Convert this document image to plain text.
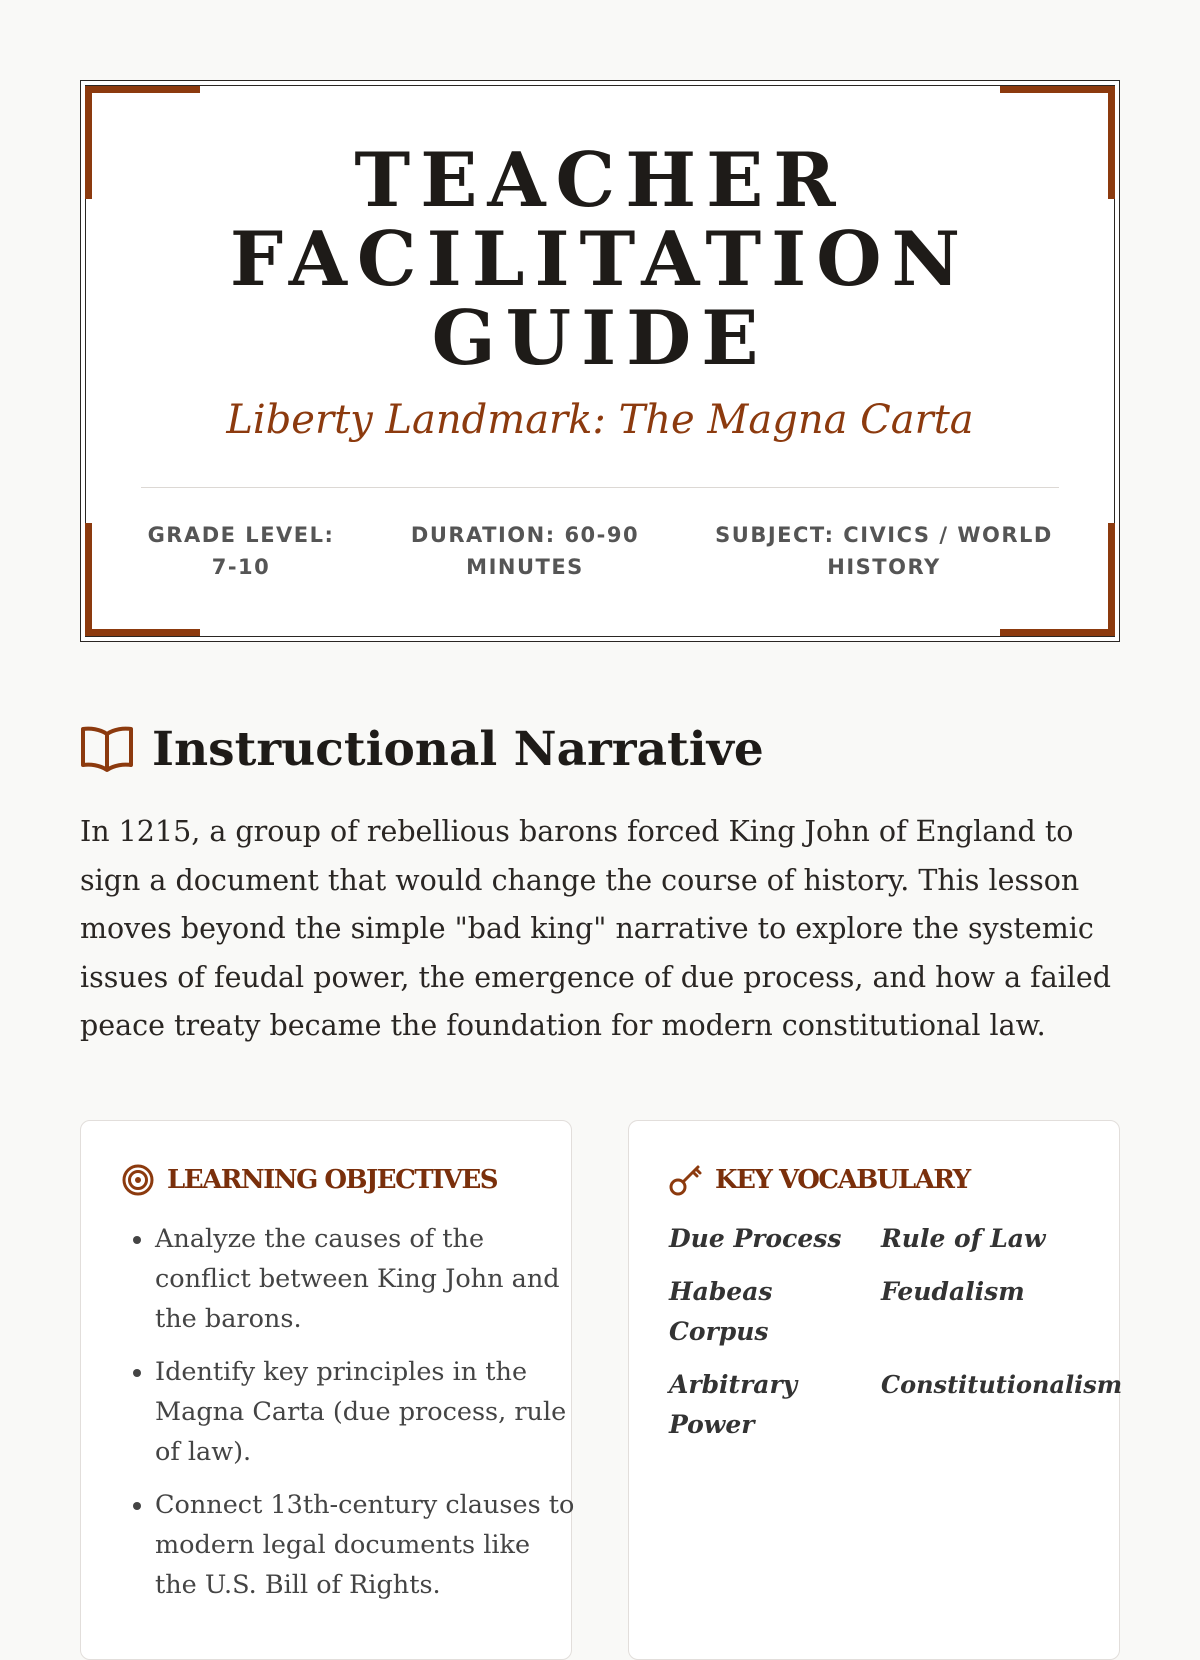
TEACHER
FACILITATION
GUIDE
Liberty Landmark: The Magna Carta
GRADE LEVEL:
7-10
DURATION: 60-90
MINUTES
SUBJECT: CIVICS / WORLD
HISTORY
Instructional Narrative

In 1215, a group of rebellious barons forced King John of England to sign a document that would change the course of history. This lesson moves beyond the simple "bad king" narrative to explore the systemic issues of feudal power, the emergence of due process, and how a failed peace treaty became the foundation for modern constitutional law.

LEARNING OBJECTIVES
• Analyze the causes of the conflict between King John and the barons.
• Identify key principles in the Magna Carta (due process, rule of law).
• Connect 13th-century clauses to modern legal documents like the U.S. Bill of Rights.
KEY VOCABULARY
Due Process	Rule of Law
Habeas Corpus
Feudalism
Arbitrary Power
Constitutionalism
